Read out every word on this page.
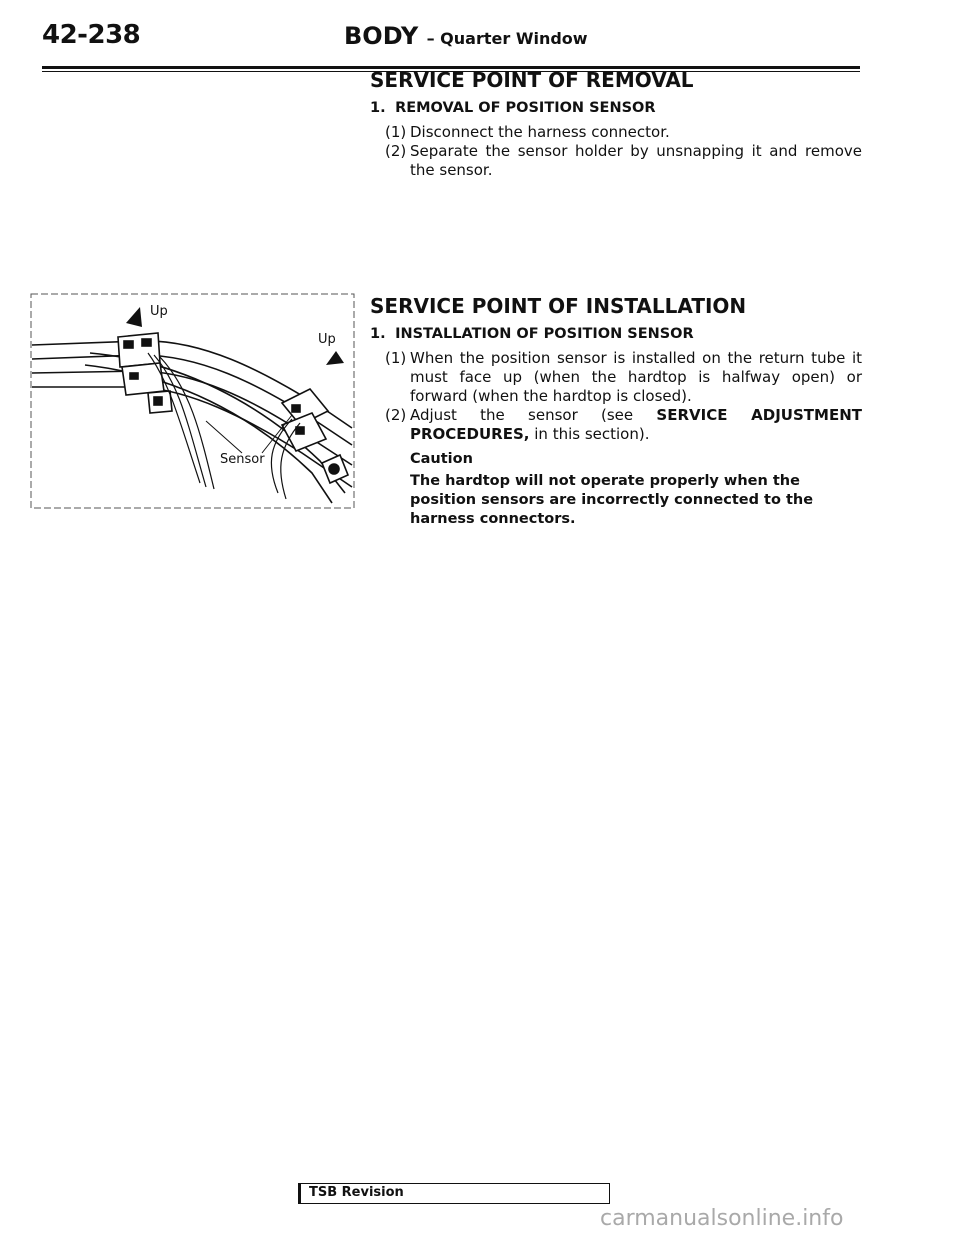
42-238	BODY – Quarter Window
SERVICE POINT OF REMOVAL
1. REMOVAL OF POSITION SENSOR

(1) Disconnect the harness connector.

(2) Separate the sensor holder by unsnapping it and remove the sensor.

SERVICE POINT OF INSTALLATION
1. INSTALLATION OF POSITION SENSOR

(1) When the position sensor is installed on the return tube it must face up (when the hardtop is halfway open) or forward (when the hardtop is closed).

(2) Adjust the sensor (see SERVICE ADJUSTMENT PROCEDURES, in this section).

Caution
The hardtop will not operate properly when the position sensors are incorrectly connected to the harness connectors.
Up
Up
Sensor
TSB Revision
carmanualsonline.info
